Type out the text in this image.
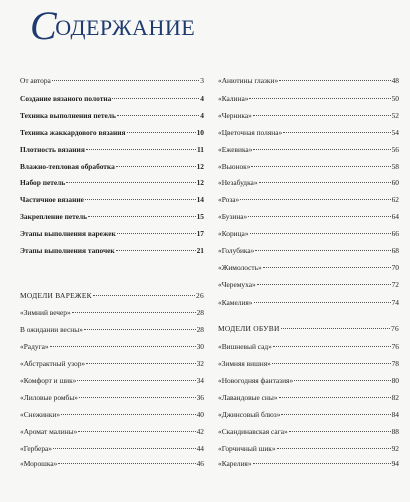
СОДЕРЖАНИЕ
От автора	3
Создание вязаного полотна	4
Техника выполнения петель	4
Техника жаккардового вязания	10
Плотность вязания	11
Влажно-тепловая обработка	12
Набор петель	12
Частичное вязание	14
Закрепление петель	15
Этапы выполнения варежек	17
Этапы выполнения тапочек	21
МОДЕЛИ ВАРЕЖЕК	26
«Зимний вечер»	28
В ожидании весны»	28
«Радуга»	30
«Абстрактный узор»	32
«Комфорт и шик»	34
«Лиловые ромбы»	36
«Снежинки»	40
«Аромат малины»	42
«Гербера»	44
«Морошка»	46
«Анютины глазки»	48
«Калина»	50
«Черника»	52
«Цветочная поляна»	54
«Ежевика»	56
«Вьюнок»	58
«Незабудка»	60
«Роза»	62
«Бузина»	64
«Корица»	66
«Голубика»	68
«Жимолость»	70
«Черемуха»	72
«Камелия»	74
МОДЕЛИ ОБУВИ	76
«Вишневый сад»	76
«Зимняя вишня»	78
«Новогодняя фантазия»	80
«Лавандовые сны»	82
«Джинсовый блюз»	84
«Скандинавская сага»	88
«Горчичный шик»	92
«Карелия»	94
